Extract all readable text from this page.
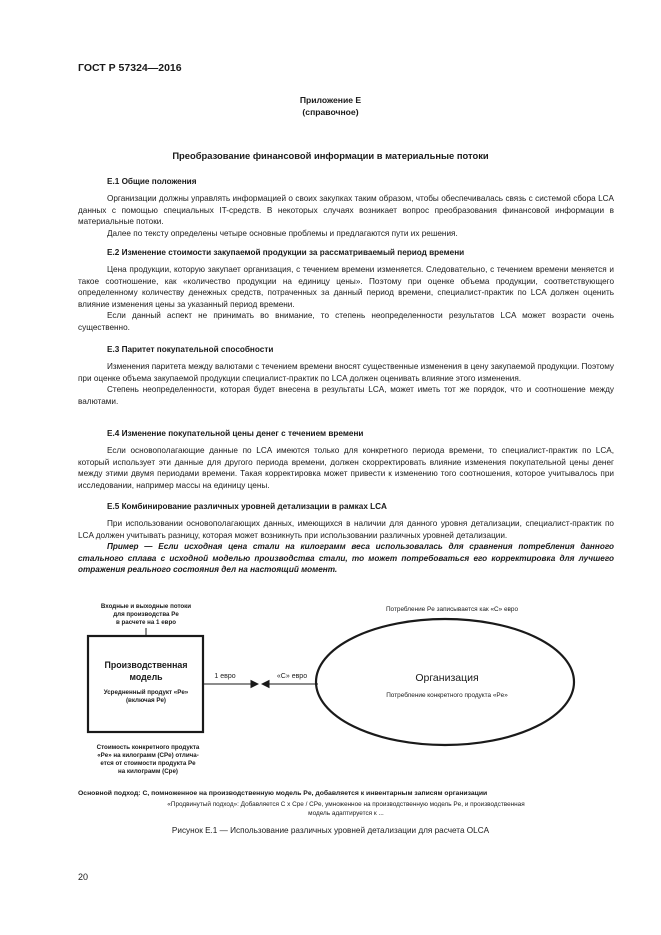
ГОСТ Р 57324—2016
Приложение Е
(справочное)
Преобразование финансовой информации в материальные потоки
Е.1 Общие положения

Организации должны управлять информацией о своих закупках таким образом, чтобы обеспечивалась связь с системой сбора LCA данных с помощью специальных IT-средств. В некоторых случаях возникает вопрос преобразования финансовой информации в материальные потоки.

Далее по тексту определены четыре основные проблемы и предлагаются пути их решения.

Е.2 Изменение стоимости закупаемой продукции за рассматриваемый период времени

Цена продукции, которую закупает организация, с течением времени изменяется. Следовательно, с течением времени меняется и такое соотношение, как «количество продукции на единицу цены». Поэтому при оценке объема продукции, соответствующего определенному количеству денежных средств, потраченных за данный период времени, специалист-практик по LCA должен оценить влияние изменения цены за указанный период времени.

Если данный аспект не принимать во внимание, то степень неопределенности результатов LCA может возрасти очень существенно.

Е.3 Паритет покупательной способности

Изменения паритета между валютами с течением времени вносят существенные изменения в цену закупаемой продукции. Поэтому при оценке объема закупаемой продукции специалист-практик по LCA должен оценивать влияние этого изменения.

Степень неопределенности, которая будет внесена в результаты LCA, может иметь тот же порядок, что и соотношение между валютами.

Е.4 Изменение покупательной цены денег с течением времени

Если основополагающие данные по LCA имеются только для конкретного периода времени, то специалист-практик по LCA, который использует эти данные для другого периода времени, должен скорректировать влияние изменения покупательной цены денег между этими двумя периодами времени. Такая корректировка может привести к изменению того соотношения, которое учитывалось при исследовании, например массы на единицу цены.

Е.5 Комбинирование различных уровней детализации в рамках LCA

При использовании основополагающих данных, имеющихся в наличии для данного уровня детализации, специалист-практик по LCA должен учитывать разницу, которая может возникнуть при использовании различных уровней детализации.

Пример — Если исходная цена стали на килограмм веса использовалась для сравнения потребления данного стального сплава с исходной моделью производства стали, то может потребоваться его корректировка для лучшего отражения реального состояния дел на настоящий момент.

Входные и выходные потоки
для производства Pe
в расчете на 1 евро
Производственная
модель
Усредненный продукт «Pe»
(включая Pe)
1 евро	«C» евро
Потребление Pe записывается как «C» евро
Организация
Потребление конкретного продукта «Pe»
Стоимость конкретного продукта
«Pe» на килограмм (CPe) отлича-
ется от стоимости продукта Pe
на килограмм (Cpe)
Основной подход: С, помноженное на производственную модель Pe, добавляется к инвентарным записям организации
«Продвинутый подход»: Добавляется С x Cpe / CPe, умноженное на производственную модель Pe, и производственная
модель адаптируется к ...
Рисунок Е.1 — Использование различных уровней детализации для расчета OLCA
20
